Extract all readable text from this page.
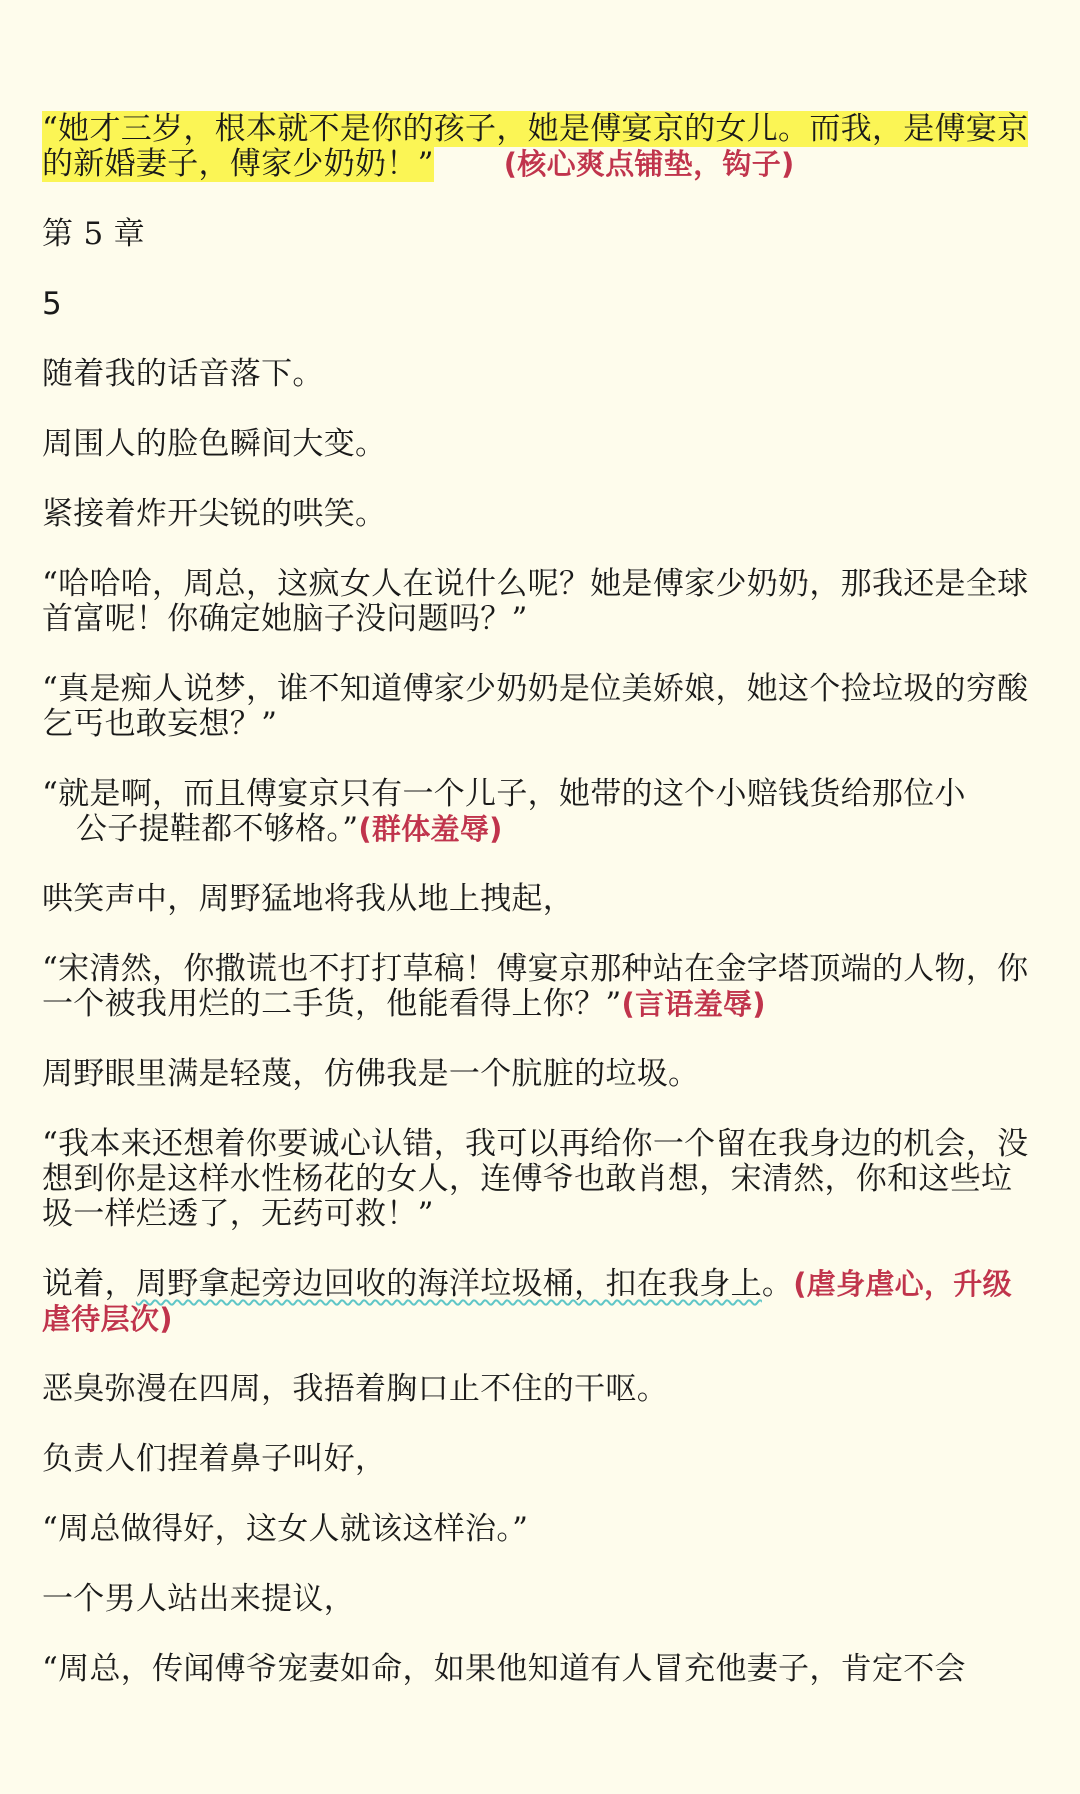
“她才三岁，根本就不是你的孩子，她是傅宴京的女儿。而我，是傅宴京的新婚妻子，傅家少奶奶！” (核心爽点铺垫，钩子)

第 5 章

5

随着我的话音落下。

周围人的脸色瞬间大变。

紧接着炸开尖锐的哄笑。

“哈哈哈，周总，这疯女人在说什么呢？她是傅家少奶奶，那我还是全球首富呢！你确定她脑子没问题吗？”

“真是痴人说梦，谁不知道傅家少奶奶是位美娇娘，她这个捡垃圾的穷酸乞丐也敢妄想？”

“就是啊，而且傅宴京只有一个儿子，她带的这个小赔钱货给那位小
公子提鞋都不够格。”(群体羞辱)

哄笑声中，周野猛地将我从地上拽起，

“宋清然，你撒谎也不打打草稿！傅宴京那种站在金字塔顶端的人物，你一个被我用烂的二手货，他能看得上你？”(言语羞辱)

周野眼里满是轻蔑，仿佛我是一个肮脏的垃圾。

“我本来还想着你要诚心认错，我可以再给你一个留在我身边的机会，没想到你是这样水性杨花的女人，连傅爷也敢肖想，宋清然，你和这些垃圾一样烂透了，无药可救！”

说着，周野拿起旁边回收的海洋垃圾桶，扣在我身上。(虐身虐心，升级虐待层次)

恶臭弥漫在四周，我捂着胸口止不住的干呕。

负责人们捏着鼻子叫好，

“周总做得好，这女人就该这样治。”

一个男人站出来提议，

“周总，传闻傅爷宠妻如命，如果他知道有人冒充他妻子，肯定不会
